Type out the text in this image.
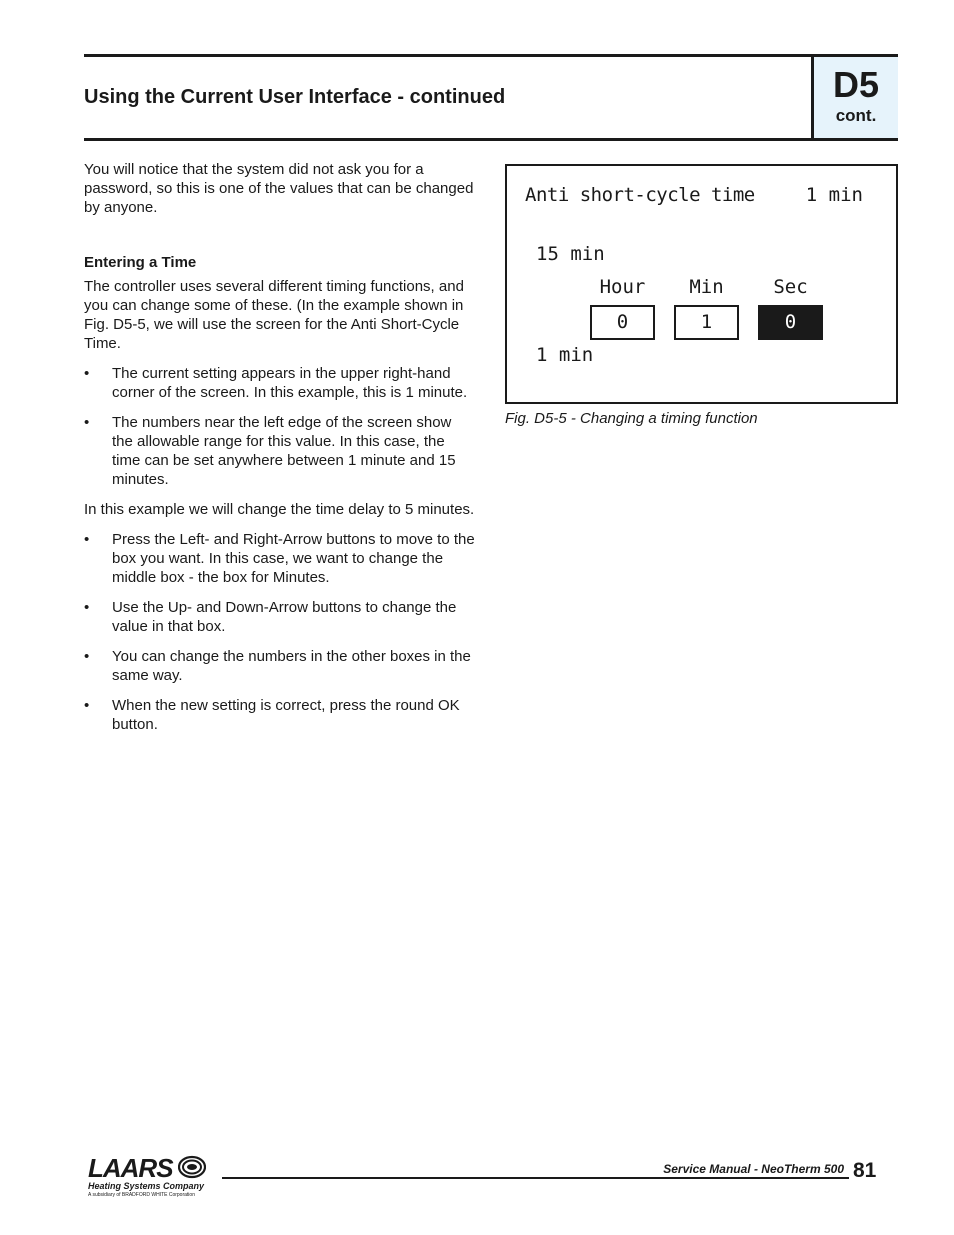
Using the Current User Interface - continued	D5
cont.

You will notice that the system did not ask you for a password, so this is one of the values that can be changed by anyone.

Entering a Time

The controller uses several different timing functions, and you can change some of these. (In the example shown in Fig. D5-5, we will use the screen for the Anti Short-Cycle Time.

•	The current setting appears in the upper right-hand corner of the screen. In this example, this is 1 minute.
•	The numbers near the left edge of the screen show the allowable range for this value. In this case, the time can be set anywhere between 1 minute and 15 minutes.

In this example we will change the time delay to 5 minutes.

•	Press the Left- and Right-Arrow buttons to move to the box you want. In this case, we want to change the middle box - the box for Minutes.
•	Use the Up- and Down-Arrow buttons to change the value in that box.
•	You can change the numbers in the other boxes in the same way.
•	When the new setting is correct, press the round OK button.
Anti short-cycle time	1 min
15 min
Hour	Min	Sec
0	1	0
1 min
Fig. D5-5 - Changing a timing function
LAARS
Heating Systems Company
A subsidiary of BRADFORD WHITE Corporation
Service Manual - NeoTherm 500 81
